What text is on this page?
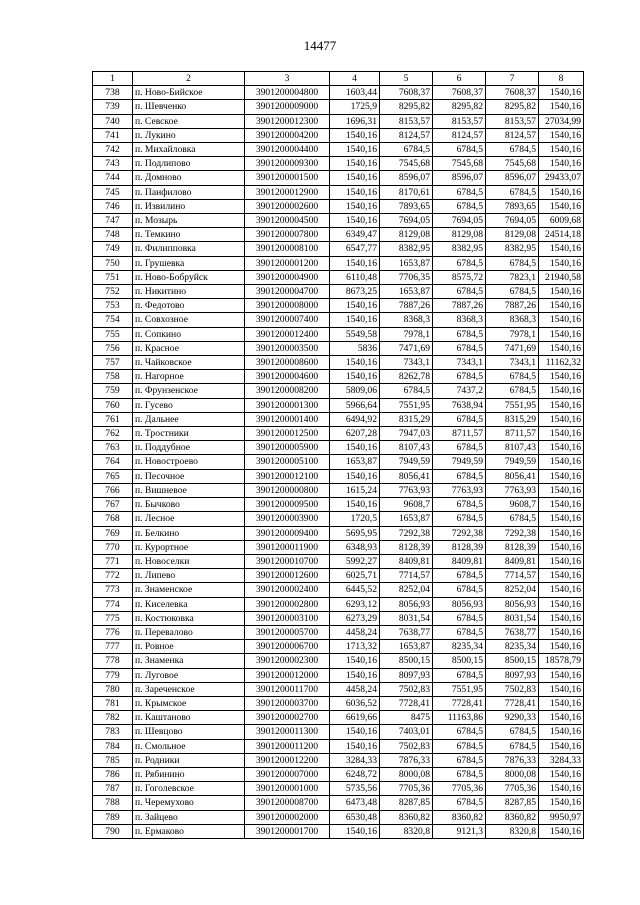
14477
1	2	3	4	5	6	7	8
738	п. Ново-Бийское	3901200004800	1603,44	7608,37	7608,37	7608,37	1540,16
739	п. Шевченко	3901200009000	1725,9	8295,82	8295,82	8295,82	1540,16
740	п. Севское	3901200012300	1696,31	8153,57	8153,57	8153,57	27034,99
741	п. Лукино	3901200004200	1540,16	8124,57	8124,57	8124,57	1540,16
742	п. Михайловка	3901200004400	1540,16	6784,5	6784,5	6784,5	1540,16
743	п. Подлипово	3901200009300	1540,16	7545,68	7545,68	7545,68	1540,16
744	п. Домново	3901200001500	1540,16	8596,07	8596,07	8596,07	29433,07
745	п. Панфилово	3901200012900	1540,16	8170,61	6784,5	6784,5	1540,16
746	п. Извилино	3901200002600	1540,16	7893,65	6784,5	7893,65	1540,16
747	п. Мозырь	3901200004500	1540,16	7694,05	7694,05	7694,05	6009,68
748	п. Темкино	3901200007800	6349,47	8129,08	8129,08	8129,08	24514,18
749	п. Филипповка	3901200008100	6547,77	8382,95	8382,95	8382,95	1540,16
750	п. Грушевка	3901200001200	1540,16	1653,87	6784,5	6784,5	1540,16
751	п. Ново-Бобруйск	3901200004900	6110,48	7706,35	8575,72	7823,1	21940,58
752	п. Никитино	3901200004700	8673,25	1653,87	6784,5	6784,5	1540,16
753	п. Федотово	3901200008000	1540,16	7887,26	7887,26	7887,26	1540,16
754	п. Совхозное	3901200007400	1540,16	8368,3	8368,3	8368,3	1540,16
755	п. Сопкино	3901200012400	5549,58	7978,1	6784,5	7978,1	1540,16
756	п. Красное	3901200003500	5836	7471,69	6784,5	7471,69	1540,16
757	п. Чайковское	3901200008600	1540,16	7343,1	7343,1	7343,1	11162,32
758	п. Нагорное	3901200004600	1540,16	8262,78	6784,5	6784,5	1540,16
759	п. Фрунзенское	3901200008200	5809,06	6784,5	7437,2	6784,5	1540,16
760	п. Гусево	3901200001300	5966,64	7551,95	7638,94	7551,95	1540,16
761	п. Дальнее	3901200001400	6494,92	8315,29	6784,5	8315,29	1540,16
762	п. Тростники	3901200012500	6207,28	7947,03	8711,57	8711,57	1540,16
763	п. Поддубное	3901200005900	1540,16	8107,43	6784,5	8107,43	1540,16
764	п. Новостроево	3901200005100	1653,87	7949,59	7949,59	7949,59	1540,16
765	п. Песочное	3901200012100	1540,16	8056,41	6784,5	8056,41	1540,16
766	п. Вишневое	3901200000800	1615,24	7763,93	7763,93	7763,93	1540,16
767	п. Бычково	3901200009500	1540,16	9608,7	6784,5	9608,7	1540,16
768	п. Лесное	3901200003900	1720,5	1653,87	6784,5	6784,5	1540,16
769	п. Белкино	3901200009400	5695,95	7292,38	7292,38	7292,38	1540,16
770	п. Курортное	3901200011900	6348,93	8128,39	8128,39	8128,39	1540,16
771	п. Новоселки	3901200010700	5992,27	8409,81	8409,81	8409,81	1540,16
772	п. Липево	3901200012600	6025,71	7714,57	6784,5	7714,57	1540,16
773	п. Знаменское	3901200002400	6445,52	8252,04	6784,5	8252,04	1540,16
774	п. Киселевка	3901200002800	6293,12	8056,93	8056,93	8056,93	1540,16
775	п. Костюковка	3901200003100	6273,29	8031,54	6784,5	8031,54	1540,16
776	п. Перевалово	3901200005700	4458,24	7638,77	6784,5	7638,77	1540,16
777	п. Ровное	3901200006700	1713,32	1653,87	8235,34	8235,34	1540,16
778	п. Знаменка	3901200002300	1540,16	8500,15	8500,15	8500,15	18578,79
779	п. Луговое	3901200012000	1540,16	8097,93	6784,5	8097,93	1540,16
780	п. Зареченское	3901200011700	4458,24	7502,83	7551,95	7502,83	1540,16
781	п. Крымское	3901200003700	6036,52	7728,41	7728,41	7728,41	1540,16
782	п. Каштаново	3901200002700	6619,66	8475	11163,86	9290,33	1540,16
783	п. Шевцово	3901200011300	1540,16	7403,01	6784,5	6784,5	1540,16
784	п. Смольное	3901200011200	1540,16	7502,83	6784,5	6784,5	1540,16
785	п. Родники	3901200012200	3284,33	7876,33	6784,5	7876,33	3284,33
786	п. Рябинино	3901200007000	6248,72	8000,08	6784,5	8000,08	1540,16
787	п. Гоголевское	3901200001000	5735,56	7705,36	7705,36	7705,36	1540,16
788	п. Черемухово	3901200008700	6473,48	8287,85	6784,5	8287,85	1540,16
789	п. Зайцево	3901200002000	6530,48	8360,82	8360,82	8360,82	9950,97
790	п. Ермаково	3901200001700	1540,16	8320,8	9121,3	8320,8	1540,16
